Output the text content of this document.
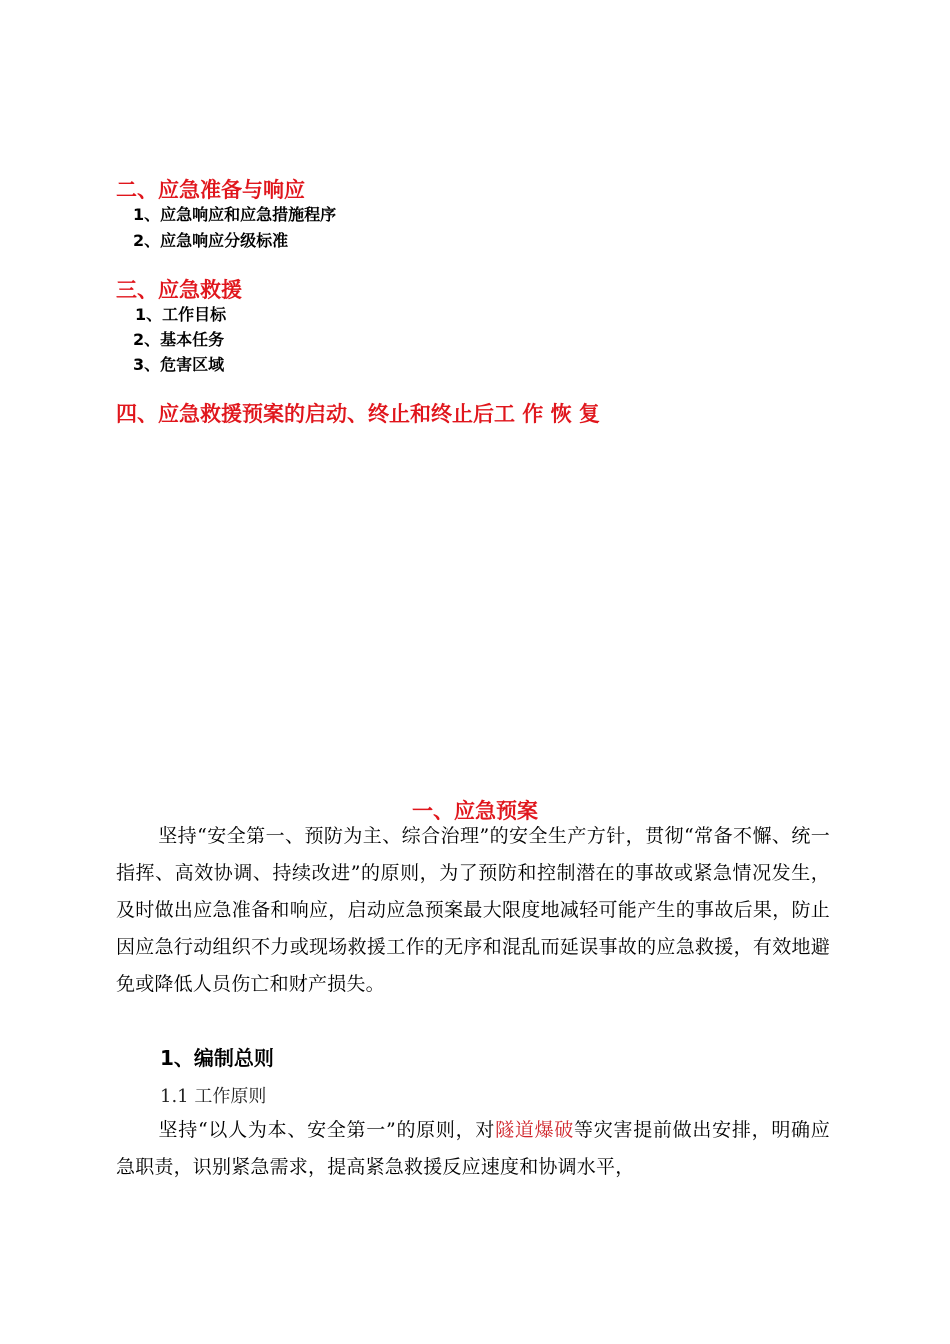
二、应急准备与响应
1、应急响应和应急措施程序
2、应急响应分级标准
三、应急救援
1、工作目标
2、基本任务
3、危害区域
四、应急救援预案的启动、终止和终止后工 作 恢 复
一、应急预案

坚持“安全第一、预防为主、综合治理”的安全生产方针，贯彻“常备不懈、统一指挥、高效协调、持续改进”的原则，为了预防和控制潜在的事故或紧急情况发生，及时做出应急准备和响应，启动应急预案最大限度地减轻可能产生的事故后果，防止因应急行动组织不力或现场救援工作的无序和混乱而延误事故的应急救援，有效地避免或降低人员伤亡和财产损失。

1、编制总则
1.1 工作原则

坚持“以人为本、安全第一”的原则，对隧道爆破等灾害提前做出安排，明确应急职责，识别紧急需求，提高紧急救援反应速度和协调水平，
